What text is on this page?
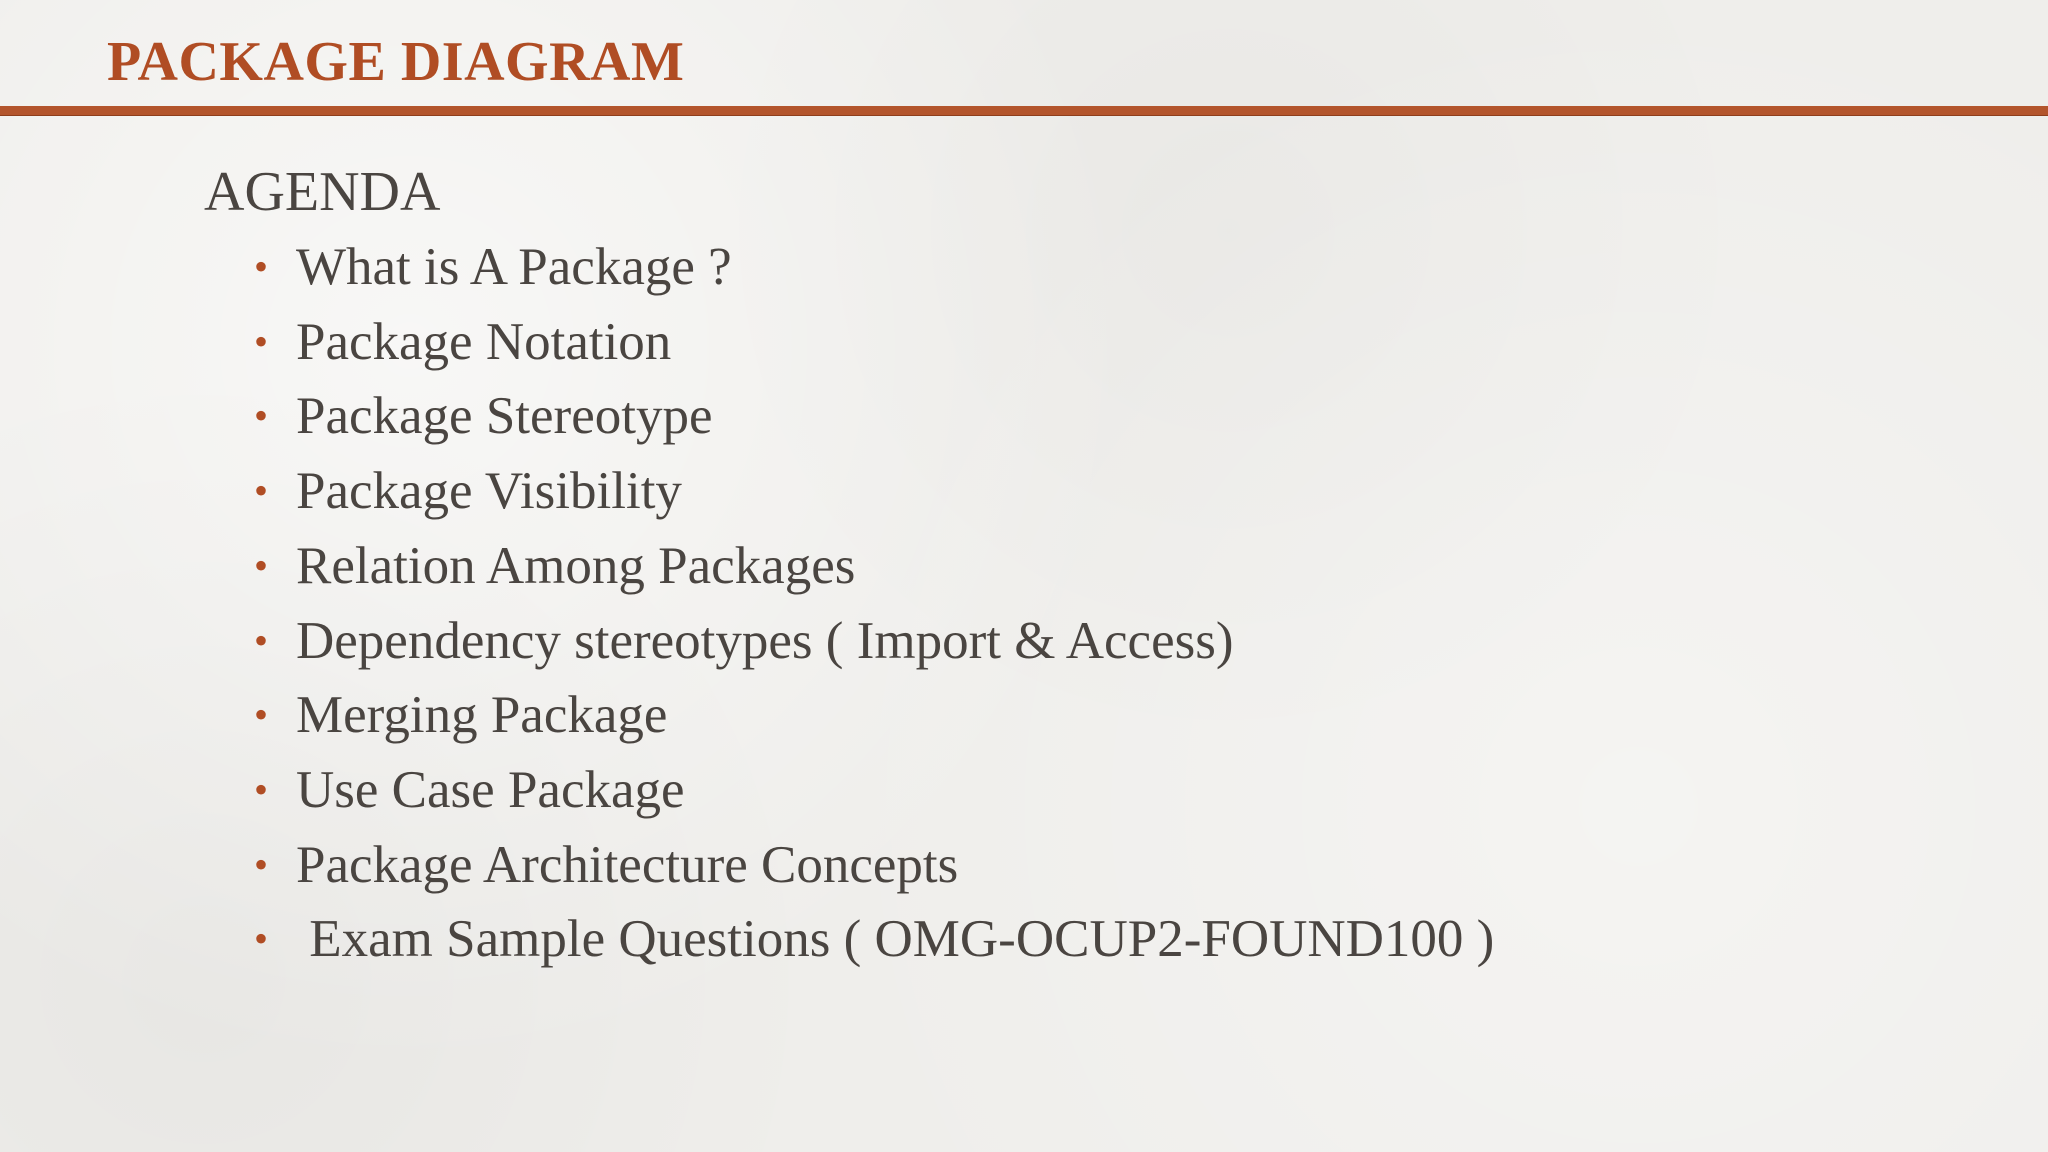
PACKAGE DIAGRAM
AGENDA
• What is A Package ?
• Package Notation
• Package Stereotype
• Package Visibility
• Relation Among Packages
• Dependency stereotypes ( Import & Access)
• Merging Package
• Use Case Package
• Package Architecture Concepts
• Exam Sample Questions ( OMG-OCUP2-FOUND100 )
